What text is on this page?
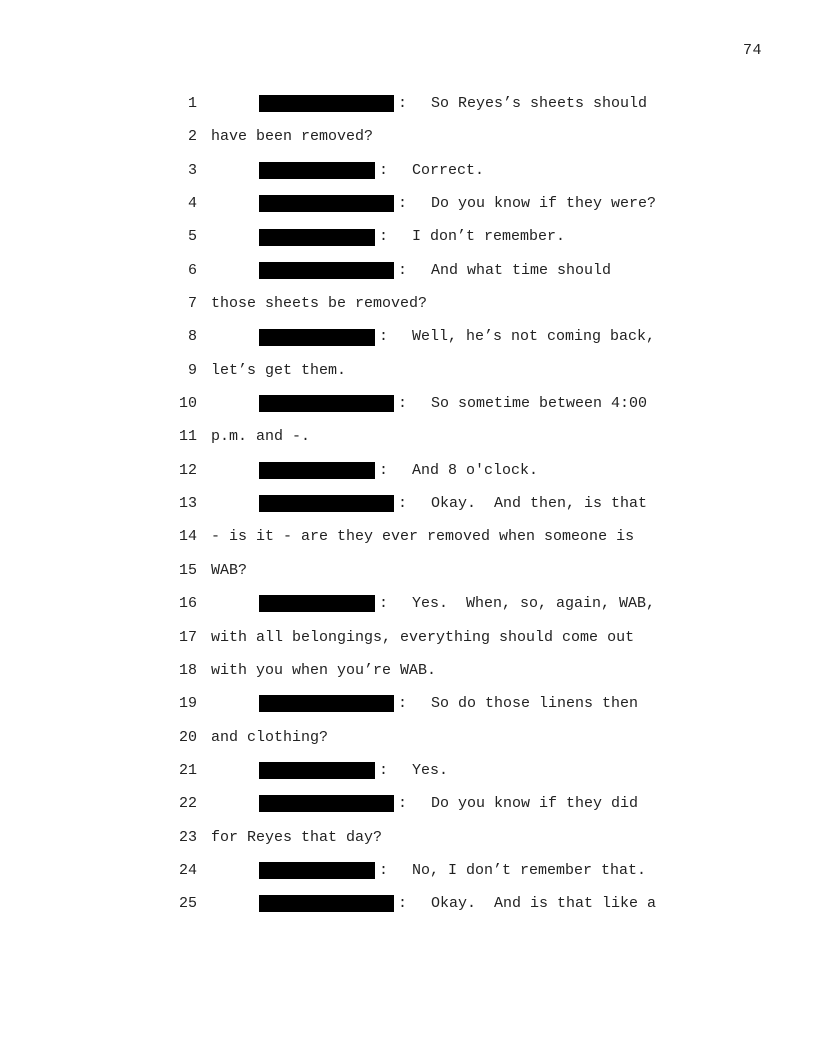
74
1	: So Reyes’s sheets should
2 have been removed?
3	: Correct.
4	: Do you know if they were?
5	: I don’t remember.
6	: And what time should
7 those sheets be removed?
8	: Well, he’s not coming back,
9 let’s get them.
10	: So sometime between 4:00
11 p.m. and -.
12	: And 8 o'clock.
13	: Okay.  And then, is that
14 - is it - are they ever removed when someone is
15 WAB?
16	: Yes.  When, so, again, WAB,
17 with all belongings, everything should come out
18 with you when you’re WAB.
19	: So do those linens then
20 and clothing?
21	: Yes.
22	: Do you know if they did
23 for Reyes that day?
24	: No, I don’t remember that.
25	: Okay.  And is that like a
